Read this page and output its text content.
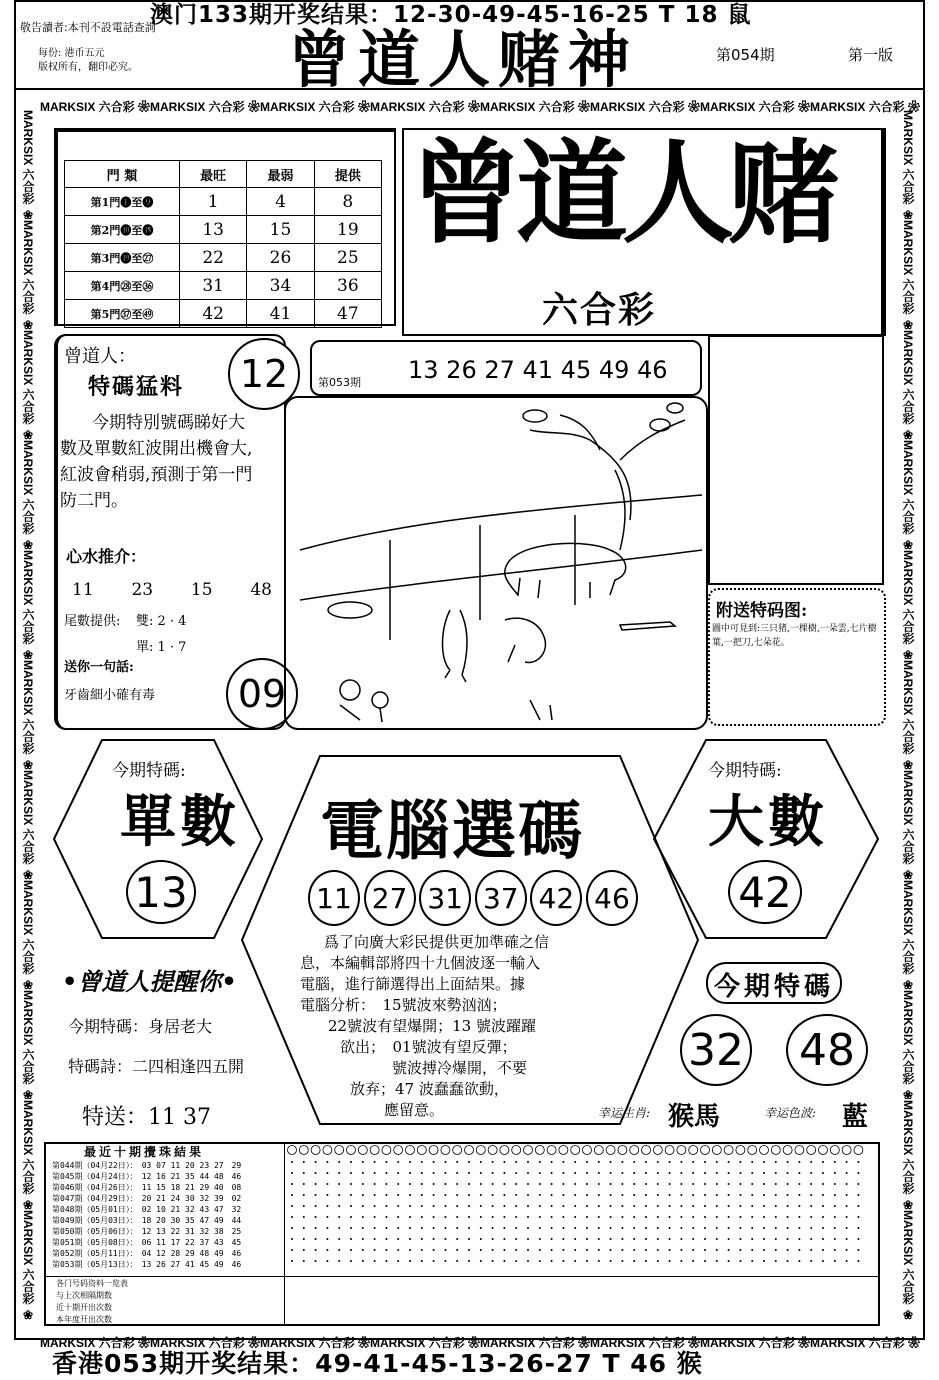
澳门133期开奖结果：12-30-49-45-16-25 T 18 鼠
敬告讀者:本刊不設電話查詢
每份: 港币五元
版权所有，翻印必究。 曾道人赌神	第054期	第一版
MARKSIX 六合彩 ❀ MARKSIX 六合彩 ❀ MARKSIX 六合彩 ❀ MARKSIX 六合彩 ❀ MARKSIX 六合彩 ❀ MARKSIX 六合彩 ❀ MARKSIX 六合彩 ❀ MARKSIX 六合彩 ❀
MARKSIX 六合彩 ❀ MARKSIX 六合彩 ❀ MARKSIX 六合彩 ❀ MARKSIX 六合彩 ❀ MARKSIX 六合彩 ❀ MARKSIX 六合彩 ❀ MARKSIX 六合彩 ❀ MARKSIX 六合彩 ❀
MARKSIX 六合彩 ❀
MARKSIX 六合彩 ❀
MARKSIX 六合彩 ❀
MARKSIX 六合彩 ❀
MARKSIX 六合彩 ❀
MARKSIX 六合彩 ❀
MARKSIX 六合彩 ❀
MARKSIX 六合彩 ❀
MARKSIX 六合彩 ❀
MARKSIX 六合彩 ❀
MARKSIX 六合彩 ❀
MARKSIX 六合彩 ❀
MARKSIX 六合彩 ❀
MARKSIX 六合彩 ❀
MARKSIX 六合彩 ❀
MARKSIX 六合彩 ❀
MARKSIX 六合彩 ❀
MARKSIX 六合彩 ❀
MARKSIX 六合彩 ❀
MARKSIX 六合彩 ❀
MARKSIX 六合彩 ❀
MARKSIX 六合彩 ❀
門 類	最旺	最弱	提供
第1門❶至❾	1	4	8
第2門❿至⓲	13	15	19
第3門⓳至㉗	22	26	25
第4門㉘至㊱	31	34	36
第5門㊲至㊾	42	41	47
曾道人赌
六合彩
第053期 13 26 27 41 45 49 46
曾道人：
特碼猛料	12
今期特別號碼睇好大數及單數紅波開出機會大,紅波會稍弱,預測于第一門防二門。
心水推介：
11 23 15 48
尾數提供: 雙: 2 · 4
單: 1 · 7
送你一句話:
牙齒細小確有毒	09
附送特码图:
圖中可見到:三只猪,一棵樹,一朵雲,七片樹葉,一把刀,七朵花。
今期特碼:
單數
13
今期特碼:
大數
42
電腦選碼
11 27 31 37 42 46
爲了向廣大彩民提供更加準確之信
息，本編輯部將四十九個波逐一輸入
電腦，進行篩選得出上面結果。據
電腦分析：　15號波來勢汹汹；
22號波有望爆開；13 號波躍躍
欲出；　01號波有望反彈；
號波搏冷爆開，不要
放弃；47 波蠢蠢欲動，
應留意。
•曾道人提醒你•
今期特碼：身居老大
特碼詩：二四相逢四五開
特送：11 37
今期特碼
32 48
幸运生肖: 猴馬	幸运色波: 藍
最近十期攪珠結果
第044期（04月22日）：　03 07 11 20 23 27　29
第045期（04月24日）：　12 16 21 35 44 48　46
第046期（04月26日）：　11 15 18 21 29 40　08
第047期（04月29日）：　20 21 24 30 32 39　02
第048期（05月01日）：　02 10 21 32 43 47　32
第049期（05月03日）：　18 20 30 35 47 49　44
第050期（05月06日）：　12 13 22 31 32 38　25
第051期（05月08日）：　06 11 17 22 37 43　45
第052期（05月11日）：　04 12 28 29 48 49　46
第053期（05月13日）：　13 26 27 41 45 49　46
各门号码资料一览表
与上次相隔期数
近十期开出次数
本年度开出次数
香港053期开奖结果：49-41-45-13-26-27 T 46 猴
